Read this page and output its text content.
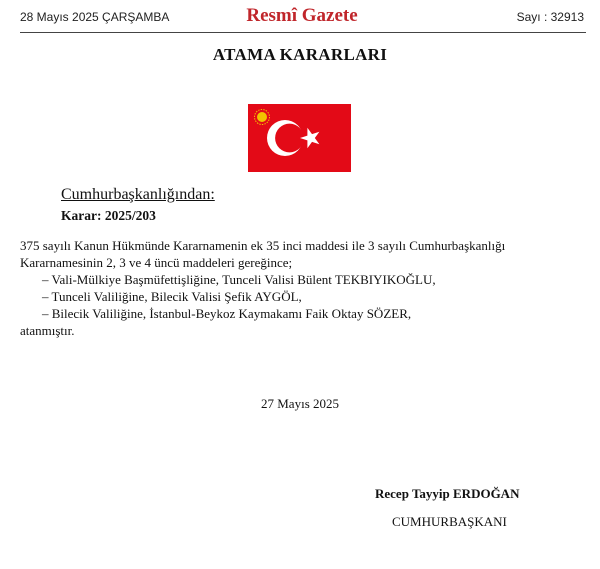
28 Mayıs 2025 ÇARŞAMBA	Resmî Gazete	Sayı : 32913
ATAMA KARARLARI
Cumhurbaşkanlığından:
Karar: 2025/203

375 sayılı Kanun Hükmünde Kararnamenin ek 35 inci maddesi ile 3 sayılı Cumhurbaşkanlığı Kararnamesinin 2, 3 ve 4 üncü maddeleri gereğince;

– Vali-Mülkiye Başmüfettişliğine, Tunceli Valisi Bülent TEKBIYIKOĞLU,

– Tunceli Valiliğine, Bilecik Valisi Şefik AYGÖL,

– Bilecik Valiliğine, İstanbul-Beykoz Kaymakamı Faik Oktay SÖZER,

atanmıştır.

27 Mayıs 2025
Recep Tayyip ERDOĞAN
CUMHURBAŞKANI
